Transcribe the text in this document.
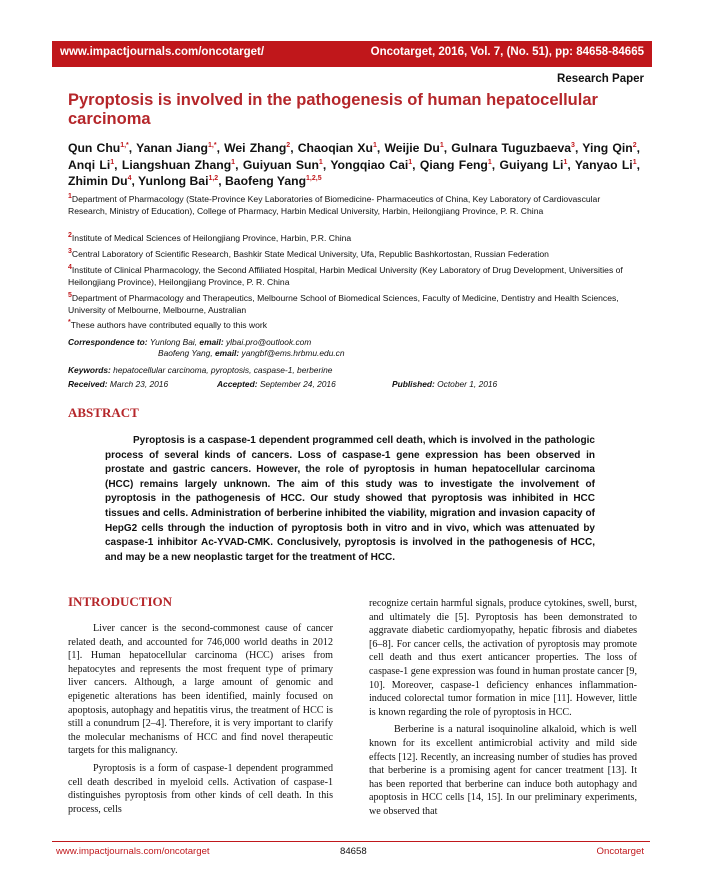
www.impactjournals.com/oncotarget/	Oncotarget, 2016, Vol. 7, (No. 51), pp: 84658-84665
Research Paper
Pyroptosis is involved in the pathogenesis of human hepatocellular carcinoma
Qun Chu$^{1,*}$, Yanan Jiang$^{1,*}$, Wei Zhang$^2$, Chaoqian Xu$^1$, Weijie Du$^1$, Gulnara Tuguzbaeva$^3$, Ying Qin$^2$, Anqi Li$^1$, Liangshuan Zhang$^1$, Guiyuan Sun$^1$, Yongqiao Cai$^1$, Qiang Feng$^1$, Guiyang Li$^1$, Yanyao Li$^1$, Zhimin Du$^4$, Yunlong Bai$^{1,2}$, Baofeng Yang$^{1,2,5}$
$^1$Department of Pharmacology (State-Province Key Laboratories of Biomedicine- Pharmaceutics of China, Key Laboratory of Cardiovascular Research, Ministry of Education), College of Pharmacy, Harbin Medical University, Harbin, Heilongjiang Province, P. R. China
$^2$Institute of Medical Sciences of Heilongjiang Province, Harbin, P.R. China
$^3$Central Laboratory of Scientific Research, Bashkir State Medical University, Ufa, Republic Bashkortostan, Russian Federation
$^4$Institute of Clinical Pharmacology, the Second Affiliated Hospital, Harbin Medical University (Key Laboratory of Drug Development, Universities of Heilongjiang Province), Heilongjiang Province, P. R. China
$^5$Department of Pharmacology and Therapeutics, Melbourne School of Biomedical Sciences, Faculty of Medicine, Dentistry and Health Sciences, University of Melbourne, Melbourne, Australian
*These authors have contributed equally to this work
Correspondence to: Yunlong Bai, email: ylbai.pro@outlook.com
Baofeng Yang, email: yangbf@ems.hrbmu.edu.cn
Keywords: hepatocellular carcinoma, pyroptosis, caspase-1, berberine
Received: March 23, 2016	Accepted: September 24, 2016	Published: October 1, 2016
ABSTRACT
Pyroptosis is a caspase-1 dependent programmed cell death, which is involved in the pathologic process of several kinds of cancers. Loss of caspase-1 gene expression has been observed in prostate and gastric cancers. However, the role of pyroptosis in human hepatocellular carcinoma (HCC) remains largely unknown. The aim of this study was to investigate the involvement of pyroptosis in the pathogenesis of HCC. Our study showed that pyroptosis was inhibited in HCC tissues and cells. Administration of berberine inhibited the viability, migration and invasion capacity of HepG2 cells through the induction of pyroptosis both in vitro and in vivo, which was attenuated by caspase-1 inhibitor Ac-YVAD-CMK. Conclusively, pyroptosis is involved in the pathogenesis of HCC, and may be a new neoplastic target for the treatment of HCC.
INTRODUCTION

Liver cancer is the second-commonest cause of cancer related death, and accounted for 746,000 world deaths in 2012 [1]. Human hepatocellular carcinoma (HCC) arises from hepatocytes and represents the most frequent type of primary liver cancers. Although, a large amount of genomic and epigenetic alterations has been identified, mainly focused on apoptosis, autophagy and hepatitis virus, the treatment of HCC is still a conundrum [2–4]. Therefore, it is very important to clarify the molecular mechanisms of HCC and find novel therapeutic targets for this malignancy.

Pyroptosis is a form of caspase-1 dependent programmed cell death described in myeloid cells. Activation of caspase-1 distinguishes pyroptosis from other kinds of cell death. In this process, cells

recognize certain harmful signals, produce cytokines, swell, burst, and ultimately die [5]. Pyroptosis has been demonstrated to aggravate diabetic cardiomyopathy, hepatic fibrosis and diabetes [6–8]. For cancer cells, the activation of pyroptosis may promote cell death and thus exert anticancer properties. The loss of caspase-1 gene expression was found in human prostate cancer [9, 10]. Moreover, caspase-1 deficiency enhances inflammation-induced colorectal tumor formation in mice [11]. However, little is known regarding the role of pyroptosis in HCC.

Berberine is a natural isoquinoline alkaloid, which is well known for its excellent antimicrobial activity and mild side effects [12]. Recently, an increasing number of studies has proved that berberine is a promising agent for cancer treatment [13]. It has been reported that berberine can induce both autophagy and apoptosis in HCC cells [14, 15]. In our preliminary experiments, we observed that

www.impactjournals.com/oncotarget	84658	Oncotarget
